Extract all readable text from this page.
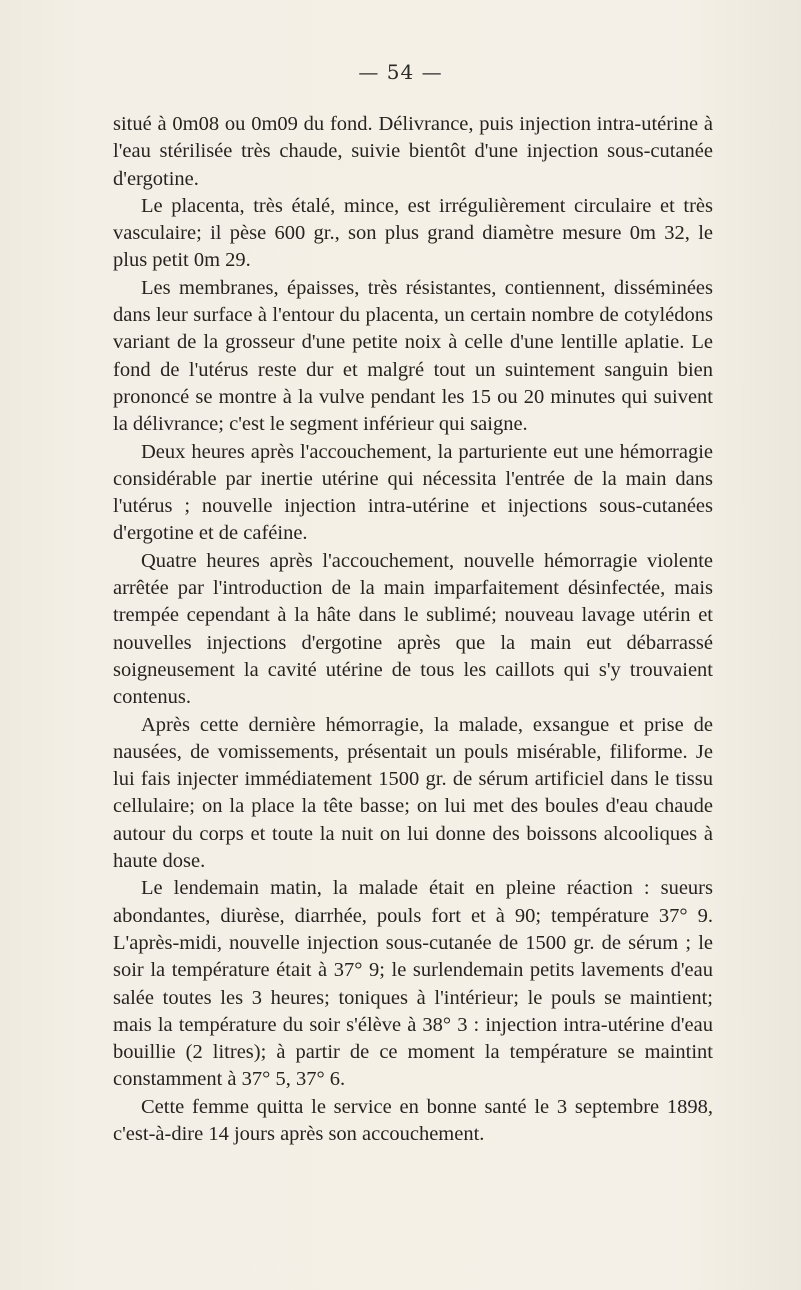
— 54 —

situé à 0m08 ou 0m09 du fond. Délivrance, puis injection intra-utérine à l'eau stérilisée très chaude, suivie bientôt d'une injection sous-cutanée d'ergotine.

Le placenta, très étalé, mince, est irrégulièrement circulaire et très vasculaire; il pèse 600 gr., son plus grand diamètre mesure 0m 32, le plus petit 0m 29.

Les membranes, épaisses, très résistantes, contiennent, disséminées dans leur surface à l'entour du placenta, un certain nombre de cotylédons variant de la grosseur d'une petite noix à celle d'une lentille aplatie. Le fond de l'utérus reste dur et malgré tout un suintement sanguin bien prononcé se montre à la vulve pendant les 15 ou 20 minutes qui suivent la délivrance; c'est le segment inférieur qui saigne.

Deux heures après l'accouchement, la parturiente eut une hémorragie considérable par inertie utérine qui nécessita l'entrée de la main dans l'utérus ; nouvelle injection intra-utérine et injections sous-cutanées d'ergotine et de caféine.

Quatre heures après l'accouchement, nouvelle hémorragie violente arrêtée par l'introduction de la main imparfaitement désinfectée, mais trempée cependant à la hâte dans le sublimé; nouveau lavage utérin et nouvelles injections d'ergotine après que la main eut débarrassé soigneusement la cavité utérine de tous les caillots qui s'y trouvaient contenus.

Après cette dernière hémorragie, la malade, exsangue et prise de nausées, de vomissements, présentait un pouls misérable, filiforme. Je lui fais injecter immédiatement 1500 gr. de sérum artificiel dans le tissu cellulaire; on la place la tête basse; on lui met des boules d'eau chaude autour du corps et toute la nuit on lui donne des boissons alcooliques à haute dose.

Le lendemain matin, la malade était en pleine réaction : sueurs abondantes, diurèse, diarrhée, pouls fort et à 90; température 37° 9. L'après-midi, nouvelle injection sous-cutanée de 1500 gr. de sérum ; le soir la température était à 37° 9; le surlendemain petits lavements d'eau salée toutes les 3 heures; toniques à l'intérieur; le pouls se maintient; mais la température du soir s'élève à 38° 3 : injection intra-utérine d'eau bouillie (2 litres); à partir de ce moment la température se maintint constamment à 37° 5, 37° 6.

Cette femme quitta le service en bonne santé le 3 septembre 1898, c'est-à-dire 14 jours après son accouchement.
